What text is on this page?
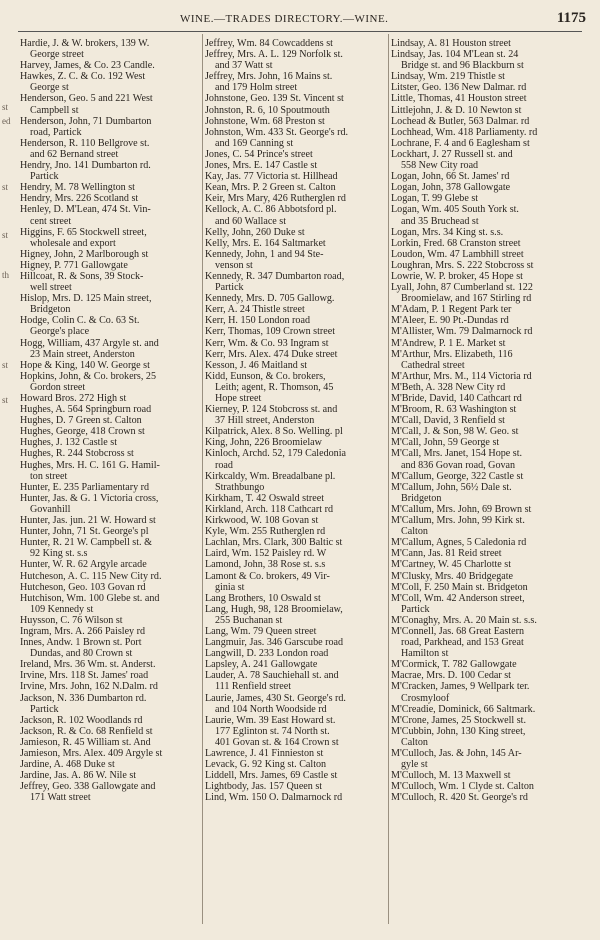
WINE.—TRADES DIRECTORY.—WINE.	1175
st
ed
st
st
th
st
st
Hardie, J. & W. brokers, 139 W.
George street
Harvey, James, & Co. 23 Candle.
Hawkes, Z. C. & Co. 192 West
George st
Henderson, Geo. 5 and 221 West
Campbell st
Henderson, John, 71 Dumbarton
road, Partick
Henderson, R. 110 Bellgrove st.
and 62 Bernand street
Hendry, Jno. 141 Dumbarton rd.
Partick
Hendry, M. 78 Wellington st
Hendry, Mrs. 226 Scotland st
Henley, D. M'Lean, 474 St. Vin-
cent street
Higgins, F. 65 Stockwell street,
wholesale and export
Higney, John, 2 Marlborough st
Higney, P. 771 Gallowgate
Hillcoat, R. & Sons, 39 Stock-
well street
Hislop, Mrs. D. 125 Main street,
Bridgeton
Hodge, Colin C. & Co. 63 St.
George's place
Hogg, William, 437 Argyle st. and
23 Main street, Anderston
Hope & King, 140 W. George st
Hopkins, John, & Co. brokers, 25
Gordon street
Howard Bros. 272 High st
Hughes, A. 564 Springburn road
Hughes, D. 7 Green st. Calton
Hughes, George, 418 Crown st
Hughes, J. 132 Castle st
Hughes, R. 244 Stobcross st
Hughes, Mrs. H. C. 161 G. Hamil-
ton street
Hunter, E. 235 Parliamentary rd
Hunter, Jas. & G. 1 Victoria cross,
Govanhill
Hunter, Jas. jun. 21 W. Howard st
Hunter, John, 71 St. George's pl
Hunter, R. 21 W. Campbell st. &
92 King st. s.s
Hunter, W. R. 62 Argyle arcade
Hutcheson, A. C. 115 New City rd.
Hutcheson, Geo. 103 Govan rd
Hutchison, Wm. 100 Glebe st. and
109 Kennedy st
Huysson, C. 76 Wilson st
Ingram, Mrs. A. 266 Paisley rd
Innes, Andw. 1 Brown st. Port
Dundas, and 80 Crown st
Ireland, Mrs. 36 Wm. st. Anderst.
Irvine, Mrs. 118 St. James' road
Irvine, Mrs. John, 162 N.Dalm. rd
Jackson, N. 336 Dumbarton rd.
Partick
Jackson, R. 102 Woodlands rd
Jackson, R. & Co. 68 Renfield st
Jamieson, R. 45 William st. And
Jamieson, Mrs. Alex. 409 Argyle st
Jardine, A. 468 Duke st
Jardine, Jas. A. 86 W. Nile st
Jeffrey, Geo. 338 Gallowgate and
171 Watt street
Jeffrey, Wm. 84 Cowcaddens st
Jeffrey, Mrs. A. L. 129 Norfolk st.
and 37 Watt st
Jeffrey, Mrs. John, 16 Mains st.
and 179 Holm street
Johnstone, Geo. 139 St. Vincent st
Johnston, R. 6, 10 Spoutmouth
Johnstone, Wm. 68 Preston st
Johnston, Wm. 433 St. George's rd.
and 169 Canning st
Jones, C. 54 Prince's street
Jones, Mrs. E. 147 Castle st
Kay, Jas. 77 Victoria st. Hillhead
Kean, Mrs. P. 2 Green st. Calton
Keir, Mrs Mary, 426 Rutherglen rd
Kellock, A. C. 86 Abbotsford pl.
and 60 Wallace st
Kelly, John, 260 Duke st
Kelly, Mrs. E. 164 Saltmarket
Kennedy, John, 1 and 94 Ste-
venson st
Kennedy, R. 347 Dumbarton road,
Partick
Kennedy, Mrs. D. 705 Gallowg.
Kerr, A. 24 Thistle street
Kerr, H. 150 London road
Kerr, Thomas, 109 Crown street
Kerr, Wm. & Co. 93 Ingram st
Kerr, Mrs. Alex. 474 Duke street
Kesson, J. 46 Maitland st
Kidd, Eunson, & Co. brokers,
Leith; agent, R. Thomson, 45
Hope street
Kierney, P. 124 Stobcross st. and
37 Hill street, Anderston
Kilpatrick, Alex. 8 So. Welling. pl
King, John, 226 Broomielaw
Kinloch, Archd. 52, 179 Caledonia
road
Kirkcaldy, Wm. Breadalbane pl.
Strathbungo
Kirkham, T. 42 Oswald street
Kirkland, Arch. 118 Cathcart rd
Kirkwood, W. 108 Govan st
Kyle, Wm. 255 Rutherglen rd
Lachlan, Mrs. Clark, 300 Baltic st
Laird, Wm. 152 Paisley rd. W
Lamond, John, 38 Rose st. s.s
Lamont & Co. brokers, 49 Vir-
ginia st
Lang Brothers, 10 Oswald st
Lang, Hugh, 98, 128 Broomielaw,
255 Buchanan st
Lang, Wm. 79 Queen street
Langmuir, Jas. 346 Garscube road
Langwill, D. 233 London road
Lapsley, A. 241 Gallowgate
Lauder, A. 78 Sauchiehall st. and
111 Renfield street
Laurie, James, 430 St. George's rd.
and 104 North Woodside rd
Laurie, Wm. 39 East Howard st.
177 Eglinton st. 74 North st.
401 Govan st. & 164 Crown st
Lawrence, J. 41 Finnieston st
Levack, G. 92 King st. Calton
Liddell, Mrs. James, 69 Castle st
Lightbody, Jas. 157 Queen st
Lind, Wm. 150 O. Dalmarnock rd
Lindsay, A. 81 Houston street
Lindsay, Jas. 104 M'Lean st. 24
Bridge st. and 96 Blackburn st
Lindsay, Wm. 219 Thistle st
Litster, Geo. 136 New Dalmar. rd
Little, Thomas, 41 Houston street
Littlejohn, J. & D. 10 Newton st
Lochead & Butler, 563 Dalmar. rd
Lochhead, Wm. 418 Parliamenty. rd
Lochrane, F. 4 and 6 Eaglesham st
Lockhart, J. 27 Russell st. and
558 New City road
Logan, John, 66 St. James' rd
Logan, John, 378 Gallowgate
Logan, T. 99 Glebe st
Logan, Wm. 405 South York st.
and 35 Bruchead st
Logan, Mrs. 34 King st. s.s.
Lorkin, Fred. 68 Cranston street
Loudon, Wm. 47 Lambhill street
Loughran, Mrs. S. 222 Stobcross st
Lowrie, W. P. broker, 45 Hope st
Lyall, John, 87 Cumberland st. 122
Broomielaw, and 167 Stirling rd
M'Adam, P. 1 Regent Park ter
M'Aleer, E. 90 Pt.-Dundas rd
M'Allister, Wm. 79 Dalmarnock rd
M'Andrew, P. 1 E. Market st
M'Arthur, Mrs. Elizabeth, 116
Cathedral street
M'Arthur, Mrs. M., 114 Victoria rd
M'Beth, A. 328 New City rd
M'Bride, David, 140 Cathcart rd
M'Broom, R. 63 Washington st
M'Call, David, 3 Renfield st
M'Call, J. & Son, 98 W. Geo. st
M'Call, John, 59 George st
M'Call, Mrs. Janet, 154 Hope st.
and 836 Govan road, Govan
M'Callum, George, 322 Castle st
M'Callum, John, 56½ Dale st.
Bridgeton
M'Callum, Mrs. John, 69 Brown st
M'Callum, Mrs. John, 99 Kirk st.
Calton
M'Callum, Agnes, 5 Caledonia rd
M'Cann, Jas. 81 Reid street
M'Cartney, W. 45 Charlotte st
M'Clusky, Mrs. 40 Bridgegate
M'Coll, F. 250 Main st. Bridgeton
M'Coll, Wm. 42 Anderson street,
Partick
M'Conaghy, Mrs. A. 20 Main st. s.s.
M'Connell, Jas. 68 Great Eastern
road, Parkhead, and 153 Great
Hamilton st
M'Cormick, T. 782 Gallowgate
Macrae, Mrs. D. 100 Cedar st
M'Cracken, James, 9 Wellpark ter.
Crosmyloof
M'Creadie, Dominick, 66 Saltmark.
M'Crone, James, 25 Stockwell st.
M'Cubbin, John, 130 King street,
Calton
M'Culloch, Jas. & John, 145 Ar-
gyle st
M'Culloch, M. 13 Maxwell st
M'Culloch, Wm. 1 Clyde st. Calton
M'Culloch, R. 420 St. George's rd
